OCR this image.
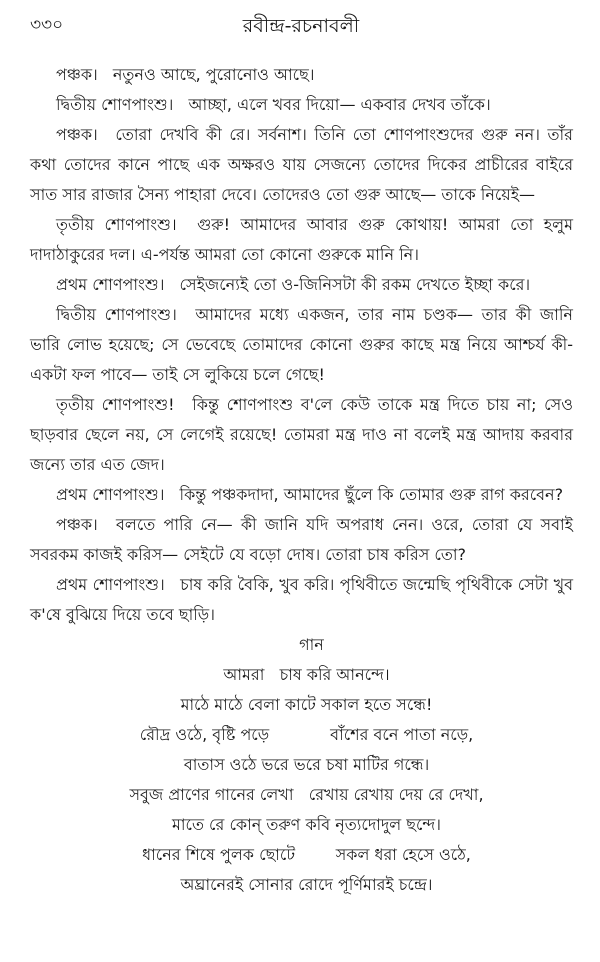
৩৩০	রবীন্দ্র-রচনাবলী

পঞ্চক। নতুনও আছে, পুরোনোও আছে।

দ্বিতীয় শোণপাংশু। আচ্ছা, এলে খবর দিয়ো— একবার দেখব তাঁকে।

পঞ্চক। তোরা দেখবি কী রে। সর্বনাশ। তিনি তো শোণপাংশুদের গুরু নন। তাঁর কথা তোদের কানে পাছে এক অক্ষরও যায় সেজন্যে তোদের দিকের প্রাচীরের বাইরে সাত সার রাজার সৈন্য পাহারা দেবে। তোদেরও তো গুরু আছে— তাকে নিয়েই—

তৃতীয় শোণপাংশু। গুরু! আমাদের আবার গুরু কোথায়! আমরা তো হলুম দাদাঠাকুরের দল। এ-পর্যন্ত আমরা তো কোনো গুরুকে মানি নি।

প্রথম শোণপাংশু। সেইজন্যেই তো ও-জিনিসটা কী রকম দেখতে ইচ্ছা করে।

দ্বিতীয় শোণপাংশু। আমাদের মধ্যে একজন, তার নাম চণ্ডক— তার কী জানি ভারি লোভ হয়েছে; সে ভেবেছে তোমাদের কোনো গুরুর কাছে মন্ত্র নিয়ে আশ্চর্য কী-একটা ফল পাবে— তাই সে লুকিয়ে চলে গেছে!

তৃতীয় শোণপাংশু! কিন্তু শোণপাংশু ব'লে কেউ তাকে মন্ত্র দিতে চায় না; সেও ছাড়বার ছেলে নয়, সে লেগেই রয়েছে! তোমরা মন্ত্র দাও না বলেই মন্ত্র আদায় করবার জন্যে তার এত জেদ।

প্রথম শোণপাংশু। কিন্তু পঞ্চকদাদা, আমাদের ছুঁলে কি তোমার গুরু রাগ করবেন?

পঞ্চক। বলতে পারি নে— কী জানি যদি অপরাধ নেন। ওরে, তোরা যে সবাই সবরকম কাজই করিস— সেইটে যে বড়ো দোষ। তোরা চাষ করিস তো?

প্রথম শোণপাংশু। চাষ করি বৈকি, খুব করি। পৃথিবীতে জন্মেছি পৃথিবীকে সেটা খুব ক'ষে বুঝিয়ে দিয়ে তবে ছাড়ি।

গান

আমরা   চাষ করি আনন্দে।

মাঠে মাঠে বেলা কাটে সকাল হতে সন্ধে!

রৌদ্র ওঠে, বৃষ্টি পড়ে            বাঁশের বনে পাতা নড়ে,

বাতাস ওঠে ভরে ভরে চষা মাটির গন্ধে।

সবুজ প্রাণের গানের লেখা   রেখায় রেখায় দেয় রে দেখা,

মাতে রে কোন্ তরুণ কবি নৃত্যদোদুল ছন্দে।

ধানের শিষে পুলক ছোটে        সকল ধরা হেসে ওঠে,

অঘ্রানেরই সোনার রোদে পূর্ণিমারই চন্দ্রে।
